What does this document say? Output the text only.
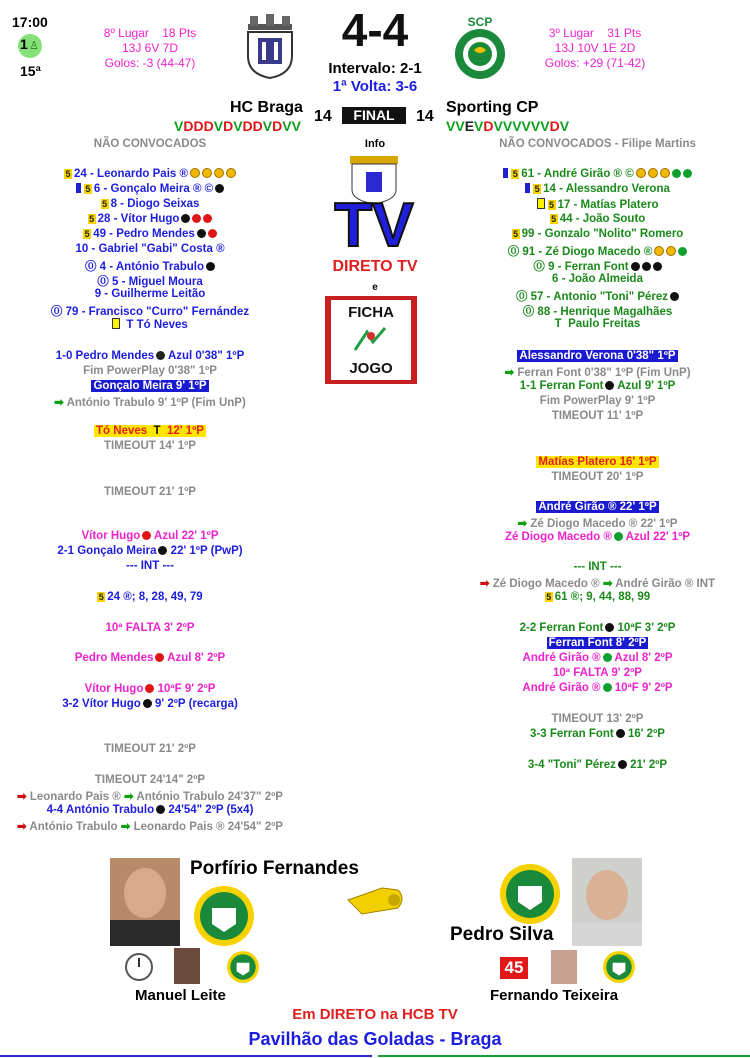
17:00
1 ♙
15ª
8º Lugar 18 Pts
13J 6V 7D
Golos: -3 (44-47)
4-4
Intervalo: 2-1
1ª Volta: 3-6
SCP
3º Lugar 31 Pts
13J 10V 1E 2D
Golos: +29 (71-42)
HC Braga
14	FINAL	14
Sporting CP
VDDDVDVDDVDVV	VVEVDVVVVVVDV
NÃO CONVOCADOS
5 24 - Leonardo Pais ®
5 6 - Gonçalo Meira ® ©
5 8 - Diogo Seixas
5 28 - Vítor Hugo
5 49 - Pedro Mendes
10 - Gabriel "Gabi" Costa ®
⓪ 4 - António Trabulo
⓪ 5 - Miguel Moura
9 - Guilherme Leitão
⓪ 79 - Francisco "Curro" Fernández
T Tó Neves
1-0 Pedro Mendes Azul 0'38" 1ºP
Fim PowerPlay 0'38" 1ºP
Gonçalo Meira 9' 1ºP
➡ António Trabulo 9' 1ºP (Fim UnP)
Tó Neves T 12' 1ºP
TIMEOUT 14' 1ºP
TIMEOUT 21' 1ºP
Vítor Hugo Azul 22' 1ºP
2-1 Gonçalo Meira 22' 1ºP (PwP)
--- INT ---
5 24 ®; 8, 28, 49, 79
10ª FALTA 3' 2ºP
Pedro Mendes Azul 8' 2ºP
Vítor Hugo 10ªF 9' 2ºP
3-2 Vítor Hugo 9' 2ºP (recarga)
TIMEOUT 21' 2ºP
TIMEOUT 24'14" 2ºP
➡ Leonardo Pais ® ➡ António Trabulo 24'37" 2ºP
4-4 António Trabulo 24'54" 2ºP (5x4)
➡ António Trabulo ➡ Leonardo Pais ® 24'54" 2ºP
Info
TV
DIRETO TV
e
FICHA
JOGO
NÃO CONVOCADOS - Filipe Martins
5 61 - André Girão ® ©
5 14 - Alessandro Verona
5 17 - Matías Platero
5 44 - João Souto
5 99 - Gonzalo "Nolito" Romero
⓪ 91 - Zé Diogo Macedo ®
⓪ 9 - Ferran Font
6 - João Almeida
⓪ 57 - Antonio "Toni" Pérez
⓪ 88 - Henrique Magalhães
T Paulo Freitas
Alessandro Verona 0'38" 1ºP
➡ Ferran Font 0'38" 1ºP (Fim UnP)
1-1 Ferran Font Azul 9' 1ºP
Fim PowerPlay 9' 1ºP
TIMEOUT 11' 1ºP
Matías Platero 16' 1ºP
TIMEOUT 20' 1ºP
André Girão ® 22' 1ºP
➡ Zé Diogo Macedo ® 22' 1ºP
Zé Diogo Macedo ® Azul 22' 1ºP
--- INT ---
➡ Zé Diogo Macedo ® ➡ André Girão ® INT
5 61 ®; 9, 44, 88, 99
2-2 Ferran Font 10ªF 3' 2ºP
Ferran Font 8' 2ºP
André Girão ® Azul 8' 2ºP
10ª FALTA 9' 2ºP
André Girão ® 10ªF 9' 2ºP
TIMEOUT 13' 2ºP
3-3 Ferran Font 16' 2ºP
3-4 "Toni" Pérez 21' 2ºP
Porfírio Fernandes
Pedro Silva
Manuel Leite
45
Fernando Teixeira
Em DIRETO na HCB TV
Pavilhão das Goladas - Braga
